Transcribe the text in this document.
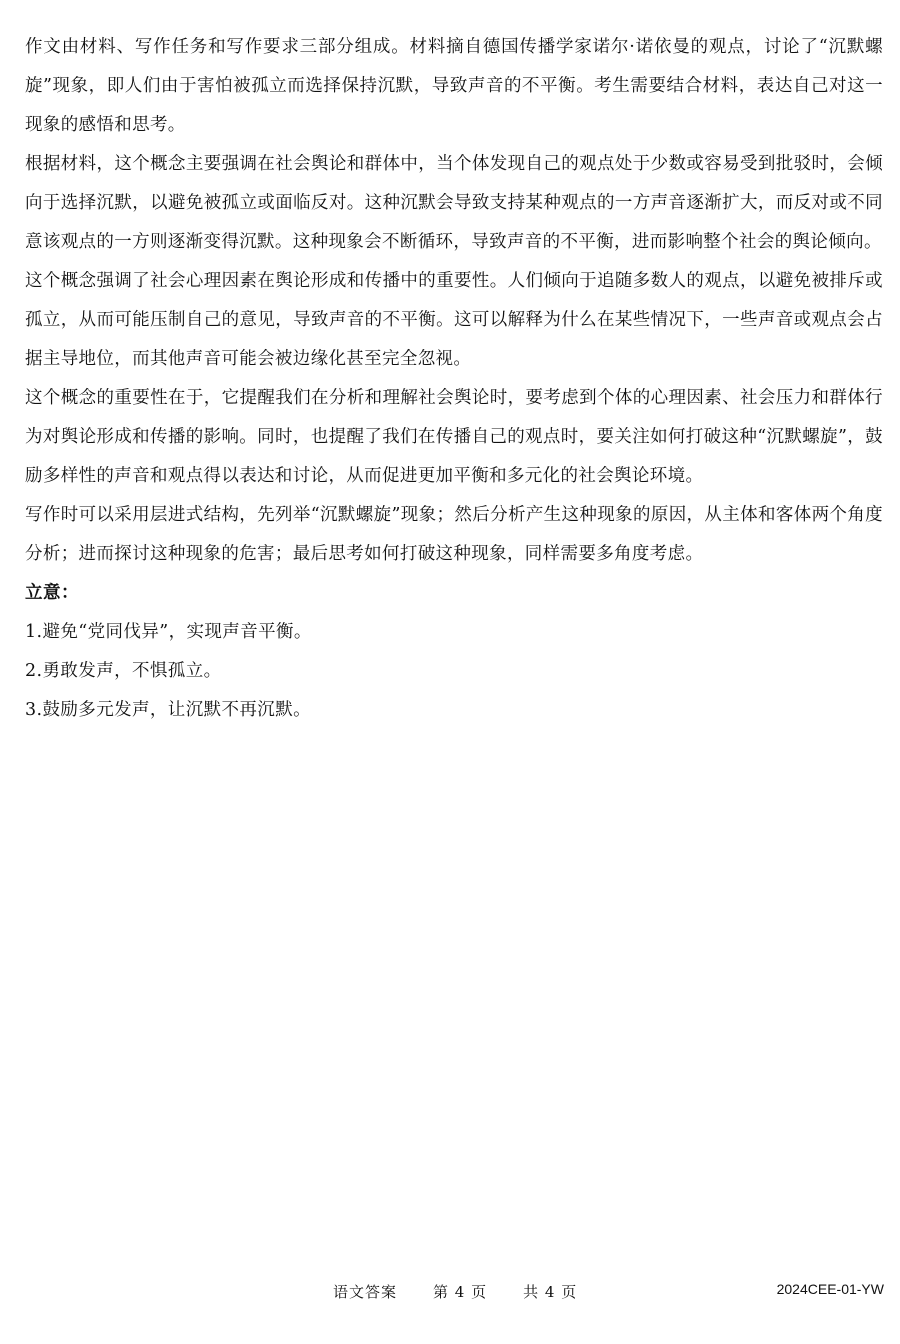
作文由材料、写作任务和写作要求三部分组成。材料摘自德国传播学家诺尔·诺依曼的观点，讨论了“沉默螺旋”现象，即人们由于害怕被孤立而选择保持沉默，导致声音的不平衡。考生需要结合材料，表达自己对这一现象的感悟和思考。

根据材料，这个概念主要强调在社会舆论和群体中，当个体发现自己的观点处于少数或容易受到批驳时，会倾向于选择沉默，以避免被孤立或面临反对。这种沉默会导致支持某种观点的一方声音逐渐扩大，而反对或不同意该观点的一方则逐渐变得沉默。这种现象会不断循环，导致声音的不平衡，进而影响整个社会的舆论倾向。

这个概念强调了社会心理因素在舆论形成和传播中的重要性。人们倾向于追随多数人的观点，以避免被排斥或孤立，从而可能压制自己的意见，导致声音的不平衡。这可以解释为什么在某些情况下，一些声音或观点会占据主导地位，而其他声音可能会被边缘化甚至完全忽视。

这个概念的重要性在于，它提醒我们在分析和理解社会舆论时，要考虑到个体的心理因素、社会压力和群体行为对舆论形成和传播的影响。同时，也提醒了我们在传播自己的观点时，要关注如何打破这种“沉默螺旋”，鼓励多样性的声音和观点得以表达和讨论，从而促进更加平衡和多元化的社会舆论环境。

写作时可以采用层进式结构，先列举“沉默螺旋”现象；然后分析产生这种现象的原因，从主体和客体两个角度分析；进而探讨这种现象的危害；最后思考如何打破这种现象，同样需要多角度考虑。

立意：

1.避免“党同伐异”，实现声音平衡。

2.勇敢发声，不惧孤立。

3.鼓励多元发声，让沉默不再沉默。

语文答案 第 4 页 共 4 页	2024CEE-01-YW
